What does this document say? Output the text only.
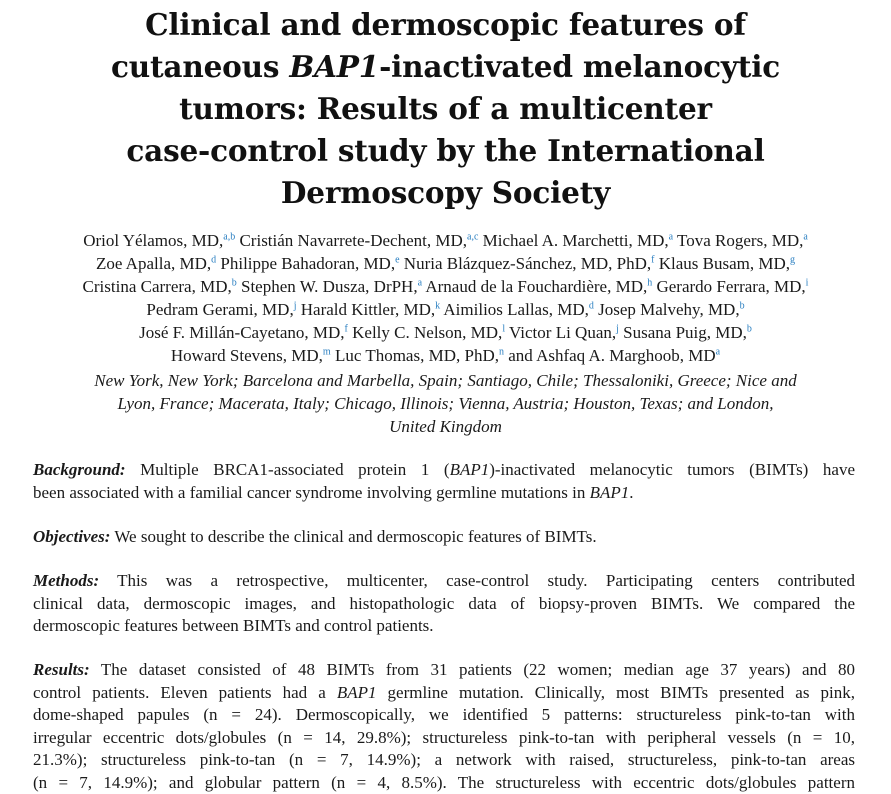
Clinical and dermoscopic features of
cutaneous BAP1-inactivated melanocytic
tumors: Results of a multicenter
case-control study by the International
Dermoscopy Society
Oriol Yélamos, MD,$^{a,b}$ Cristián Navarrete-Dechent, MD,$^{a,c}$ Michael A. Marchetti, MD,$^a$ Tova Rogers, MD,$^a$
Zoe Apalla, MD,$^d$ Philippe Bahadoran, MD,$^e$ Nuria Blázquez-Sánchez, MD, PhD,$^f$ Klaus Busam, MD,$^g$
Cristina Carrera, MD,$^b$ Stephen W. Dusza, DrPH,$^a$ Arnaud de la Fouchardière, MD,$^h$ Gerardo Ferrara, MD,$^i$
Pedram Gerami, MD,$^j$ Harald Kittler, MD,$^k$ Aimilios Lallas, MD,$^d$ Josep Malvehy, MD,$^b$
José F. Millán-Cayetano, MD,$^f$ Kelly C. Nelson, MD,$^l$ Victor Li Quan,$^j$ Susana Puig, MD,$^b$
Howard Stevens, MD,$^m$ Luc Thomas, MD, PhD,$^n$ and Ashfaq A. Marghoob, $MD^a$
New York, New York; Barcelona and Marbella, Spain; Santiago, Chile; Thessaloniki, Greece; Nice and
Lyon, France; Macerata, Italy; Chicago, Illinois; Vienna, Austria; Houston, Texas; and London,
United Kingdom
Background: Multiple BRCA1-associated protein 1 (BAP1)-inactivated melanocytic tumors (BIMTs) have
been associated with a familial cancer syndrome involving germline mutations in BAP1.
Objectives: We sought to describe the clinical and dermoscopic features of BIMTs.
Methods: This was a retrospective, multicenter, case-control study. Participating centers contributed
clinical data, dermoscopic images, and histopathologic data of biopsy-proven BIMTs. We compared the
dermoscopic features between BIMTs and control patients.
Results: The dataset consisted of 48 BIMTs from 31 patients (22 women; median age 37 years) and 80
control patients. Eleven patients had a BAP1 germline mutation. Clinically, most BIMTs presented as pink,
dome-shaped papules (n = 24). Dermoscopically, we identified 5 patterns: structureless pink-to-tan with
irregular eccentric dots/globules (n = 14, 29.8%); structureless pink-to-tan with peripheral vessels (n = 10,
21.3%); structureless pink-to-tan (n = 7, 14.9%); a network with raised, structureless, pink-to-tan areas
(n = 7, 14.9%); and globular pattern (n = 4, 8.5%). The structureless with eccentric dots/globules pattern
